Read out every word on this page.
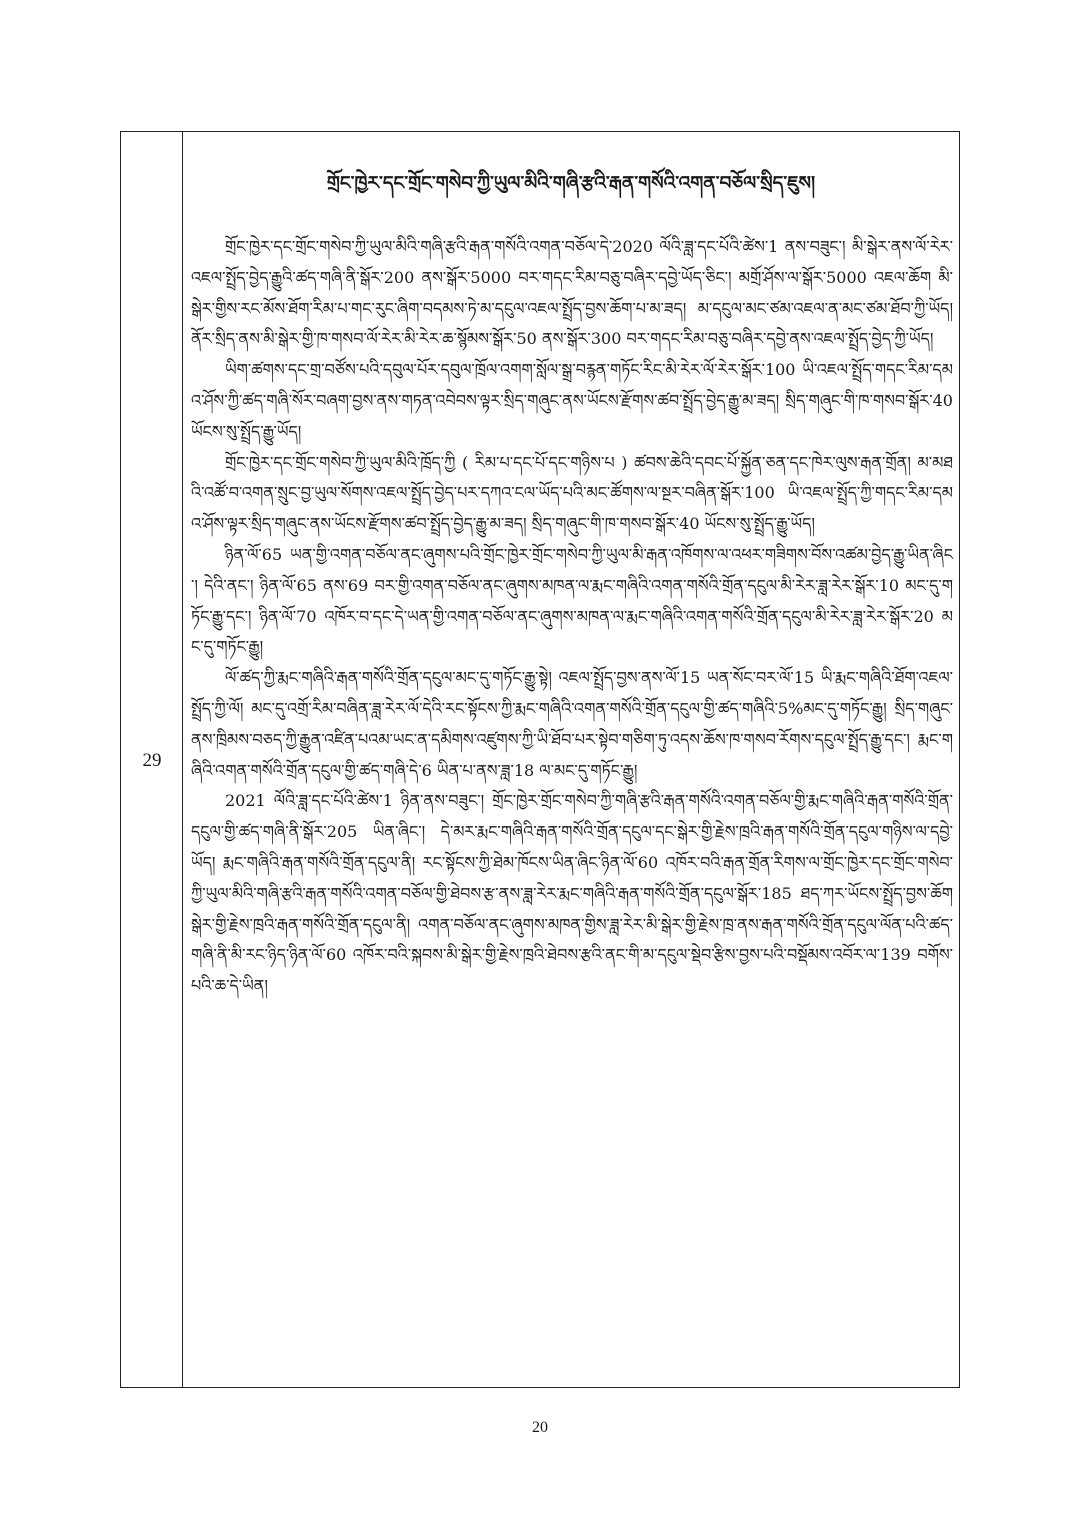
29
གྲོང་ཁྱེར་དང་གྲོང་གསེབ་ཀྱི་ཡུལ་མིའི་གཞི་རྩའི་རྒན་གསོའི་འགན་བཅོལ་སྲིད་ཇུས།

གྲོང་ཁྱེར་དང་གྲོང་གསེབ་ཀྱི་ཡུལ་མིའི་གཞི་རྩའི་རྒན་གསོའི་འགན་བཅོལ་དེ་2020 ལོའི་ཟླ་དང་པོའི་ཚེས་1 ནས་བཟུང་། མི་སྒེར་ནས་ལོ་རེར་འཇལ་སྤྲོད་བྱེད་རྒྱུའི་ཚད་གཞི་ནི་སྒོར་200 ནས་སྒོར་5000 བར་གདང་རིམ་བཅུ་བཞིར་དབྱེ་ཡོད་ཅིང་། མགྲོ་ཤོས་ལ་སྒོར་5000 འཇལ་ཆོག མི་སྒེར་གྱིས་རང་མོས་ཐོག་རིམ་པ་གང་རུང་ཞིག་བདམས་ཏེ་མ་དངུལ་འཇལ་སྤྲོད་བྱས་ཆོག་པ་མ་ཟད། མ་དངུལ་མང་ཙམ་འཇལ་ན་མང་ཙམ་ཐོབ་ཀྱི་ཡོད། ནོར་སྲིད་ནས་མི་སྒེར་གྱི་ཁ་གསབ་ལོ་རེར་མི་རེར་ཆ་སྙོམས་སྒོར་50 ནས་སྒོར་300 བར་གདང་རིམ་བཅུ་བཞིར་དབྱེ་ནས་འཇལ་སྤྲོད་བྱེད་ཀྱི་ཡོད།

ཡིག་ཚགས་དང་གྲ་བཙོས་པའི་དབུལ་པོར་དབུལ་ཁྲོལ་འགག་སློལ་སྒྲ་བརྙན་གཏོང་རིང་མི་རེར་ལོ་རེར་སྒོར་100 ཡི་འཇལ་སྤྲོད་གདང་རིམ་དམའ་ཤོས་ཀྱི་ཚད་གཞི་སོར་བཞག་བྱས་ནས་གཏན་འབེབས་ལྟར་སྲིད་གཞུང་ནས་ཡོངས་རྫོགས་ཚབ་སྤྲོད་བྱེད་རྒྱུ་མ་ཟད། སྲིད་གཞུང་གི་ཁ་གསབ་སྒོར་40 ཡོངས་སུ་སྤྲོད་རྒྱུ་ཡོད།

གྲོང་ཁྱེར་དང་གྲོང་གསེབ་ཀྱི་ཡུལ་མིའི་ཁྲོད་ཀྱི ( རིམ་པ་དང་པོ་དང་གཉིས་པ ) ཚབས་ཆེའི་དབང་པོ་སྐྱོན་ཅན་དང་ཁེར་ལུས་རྒན་གྲོན། མ་མཐའི་འཚོ་བ་འགན་སྲུང་བྱ་ཡུལ་སོགས་འཇལ་སྤྲོད་བྱེད་པར་དཀའ་ངལ་ཡོད་པའི་མང་ཚོགས་ལ་སྔར་བཞིན་སྒོར་100 ཡི་འཇལ་སྤྲོད་ཀྱི་གདང་རིམ་དམའ་ཤོས་ལྟར་སྲིད་གཞུང་ནས་ཡོངས་རྫོགས་ཚབ་སྤྲོད་བྱེད་རྒྱུ་མ་ཟད། སྲིད་གཞུང་གི་ཁ་གསབ་སྒོར་40 ཡོངས་སུ་སྤྲོད་རྒྱུ་ཡོད།

ཉིན་ལོ་65 ཡན་གྱི་འགན་བཅོལ་ནང་ཞུགས་པའི་གྲོང་ཁྱེར་གྲོང་གསེབ་ཀྱི་ཡུལ་མི་རྒན་འཁོགས་ལ་འཕར་གཟིགས་བོས་འཚམ་བྱེད་རྒྱུ་ཡིན་ཞིང་། དེའི་ནང་། ཉིན་ལོ་65 ནས་69 བར་གྱི་འགན་བཅོལ་ནང་ཞུགས་མཁན་ལ་རྨང་གཞིའི་འགན་གསོའི་གྲོན་དངུལ་མི་རེར་ཟླ་རེར་སྒོར་10 མང་དུ་གཏོང་རྒྱུ་དང་། ཉིན་ལོ་70 འཁོར་བ་དང་དེ་ཡན་གྱི་འགན་བཅོལ་ནང་ཞུགས་མཁན་ལ་རྨང་གཞིའི་འགན་གསོའི་གྲོན་དངུལ་མི་རེར་ཟླ་རེར་སྒོར་20 མང་དུ་གཏོང་རྒྱུ།

ལོ་ཚད་ཀྱི་རྨང་གཞིའི་རྒན་གསོའི་གྲོན་དངུལ་མང་དུ་གཏོང་རྒྱུ་སྟེ། འཇལ་སྤྲོད་བྱས་ནས་ལོ་15 ཡན་སོང་བར་ལོ་15 ཡི་རྨང་གཞིའི་ཐོག་འཇལ་སྤྲོད་ཀྱི་ལོ། མང་དུ་འགྲོ་རིམ་བཞིན་ཟླ་རེར་ལོ་དེའི་རང་སྟོངས་ཀྱི་རྨང་གཞིའི་འགན་གསོའི་གྲོན་དངུལ་གྱི་ཚད་གཞིའི་5%མང་དུ་གཏོང་རྒྱུ། སྲིད་གཞུང་ནས་ཁྲིམས་བཅད་ཀྱི་རྒྱུན་འཛིན་པའམ་ཡང་ན་དམིགས་འཛུགས་ཀྱི་ཡི་ཐོབ་པར་སྟེབ་གཅིག་ཏུ་འདས་ཆོས་ཁ་གསབ་རོགས་དངུལ་སྤྲོད་རྒྱུ་དང་། རྨང་གཞིའི་འགན་གསོའི་གྲོན་དངུལ་གྱི་ཚད་གཞི་དེ་6 ཡིན་པ་ནས་ཟླ་18 ལ་མང་དུ་གཏོང་རྒྱུ།

2021 ལོའི་ཟླ་དང་པོའི་ཚེས་1 ཉིན་ནས་བཟུང་། གྲོང་ཁྱེར་གྲོང་གསེབ་ཀྱི་གཞི་རྩའི་རྒན་གསོའི་འགན་བཅོལ་གྱི་རྨང་གཞིའི་རྒན་གསོའི་གྲོན་དངུལ་གྱི་ཚད་གཞི་ནི་སྒོར་205 ཡིན་ཞིང་། དེ་མར་རྨང་གཞིའི་རྒན་གསོའི་གྲོན་དངུལ་དང་སྒེར་གྱི་རྗེས་ཁྲའི་རྒན་གསོའི་གྲོན་དངུལ་གཉིས་ལ་དབྱེ་ཡོད། རྨང་གཞིའི་རྒན་གསོའི་གྲོན་དངུལ་ནི། རང་སྟོངས་ཀྱི་ཐེམ་ཁོངས་ཡིན་ཞིང་ཉིན་ལོ་60 འཁོར་བའི་རྒན་གྲོན་རིགས་ལ་གྲོང་ཁྱེར་དང་གྲོང་གསེབ་ཀྱི་ཡུལ་མིའི་གཞི་རྩའི་རྒན་གསོའི་འགན་བཅོལ་གྱི་ཐེབས་རྩ་ནས་ཟླ་རེར་རྨང་གཞིའི་རྒན་གསོའི་གྲོན་དངུལ་སྒོར་185 ཐད་ཀར་ཡོངས་སྤྲོད་བྱས་ཆོག སྒེར་གྱི་རྗེས་ཁྲའི་རྒན་གསོའི་གྲོན་དངུལ་ནི། འགན་བཅོལ་ནང་ཞུགས་མཁན་གྱིས་ཟླ་རེར་མི་སྒེར་གྱི་རྗེས་ཁྲ་ནས་རྒན་གསོའི་གྲོན་དངུལ་ལོན་པའི་ཚད་གཞི་ནི་མི་རང་ཉིད་ཉིན་ལོ་60 འཁོར་བའི་སྐབས་མི་སྒེར་གྱི་རྗེས་ཁྲའི་ཐེབས་རྩའི་ནང་གི་མ་དངུལ་སྡེབ་རྩིས་བྱས་པའི་བསྡོམས་འབོར་ལ་139 བགོས་པའི་ཆ་དེ་ཡིན།

20
